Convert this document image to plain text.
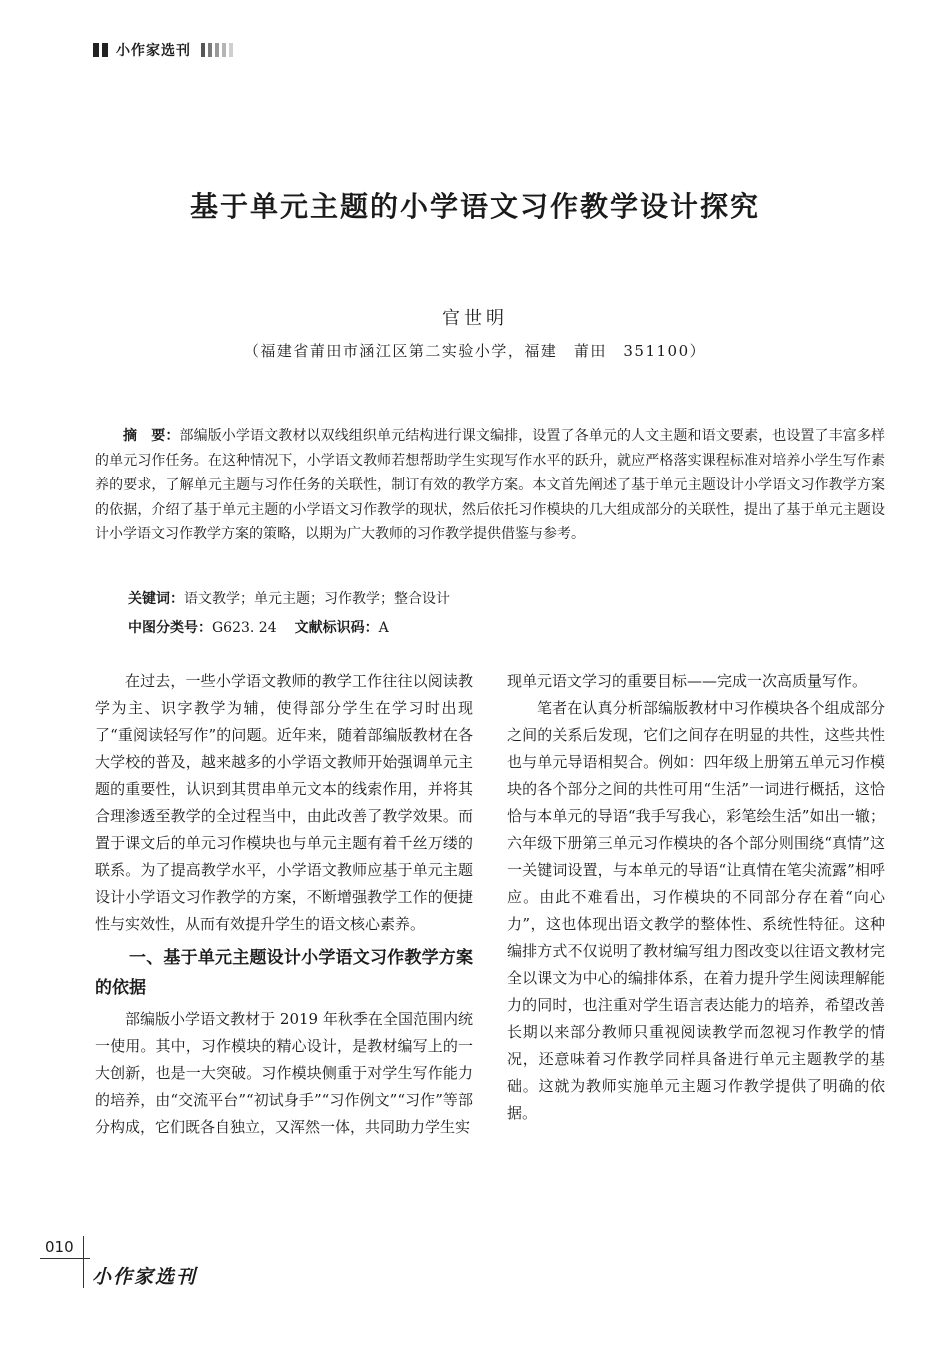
小作家选刊
基于单元主题的小学语文习作教学设计探究
官世明
（福建省莆田市涵江区第二实验小学，福建　莆田　351100）
摘　要：部编版小学语文教材以双线组织单元结构进行课文编排，设置了各单元的人文主题和语文要素，也设置了丰富多样的单元习作任务。在这种情况下，小学语文教师若想帮助学生实现写作水平的跃升，就应严格落实课程标准对培养小学生写作素养的要求，了解单元主题与习作任务的关联性，制订有效的教学方案。本文首先阐述了基于单元主题设计小学语文习作教学方案的依据，介绍了基于单元主题的小学语文习作教学的现状，然后依托习作模块的几大组成部分的关联性，提出了基于单元主题设计小学语文习作教学方案的策略，以期为广大教师的习作教学提供借鉴与参考。
关键词：语文教学；单元主题；习作教学；整合设计
中图分类号：G623. 24 文献标识码：A

在过去，一些小学语文教师的教学工作往往以阅读教学为主、识字教学为辅，使得部分学生在学习时出现了“重阅读轻写作”的问题。近年来，随着部编版教材在各大学校的普及，越来越多的小学语文教师开始强调单元主题的重要性，认识到其贯串单元文本的线索作用，并将其合理渗透至教学的全过程当中，由此改善了教学效果。而置于课文后的单元习作模块也与单元主题有着千丝万缕的联系。为了提高教学水平，小学语文教师应基于单元主题设计小学语文习作教学的方案，不断增强教学工作的便捷性与实效性，从而有效提升学生的语文核心素养。

一、基于单元主题设计小学语文习作教学方案的依据

部编版小学语文教材于 2019 年秋季在全国范围内统一使用。其中，习作模块的精心设计，是教材编写上的一大创新，也是一大突破。习作模块侧重于对学生写作能力的培养，由“交流平台”“初试身手”“习作例文”“习作”等部分构成，它们既各自独立，又浑然一体，共同助力学生实

现单元语文学习的重要目标——完成一次高质量写作。

笔者在认真分析部编版教材中习作模块各个组成部分之间的关系后发现，它们之间存在明显的共性，这些共性也与单元导语相契合。例如：四年级上册第五单元习作模块的各个部分之间的共性可用“生活”一词进行概括，这恰恰与本单元的导语“我手写我心，彩笔绘生活”如出一辙；六年级下册第三单元习作模块的各个部分则围绕“真情”这一关键词设置，与本单元的导语“让真情在笔尖流露”相呼应。由此不难看出，习作模块的不同部分存在着“向心力”，这也体现出语文教学的整体性、系统性特征。这种编排方式不仅说明了教材编写组力图改变以往语文教材完全以课文为中心的编排体系，在着力提升学生阅读理解能力的同时，也注重对学生语言表达能力的培养，希望改善长期以来部分教师只重视阅读教学而忽视习作教学的情况，还意味着习作教学同样具备进行单元主题教学的基础。这就为教师实施单元主题习作教学提供了明确的依据。

010
小作家选刊
